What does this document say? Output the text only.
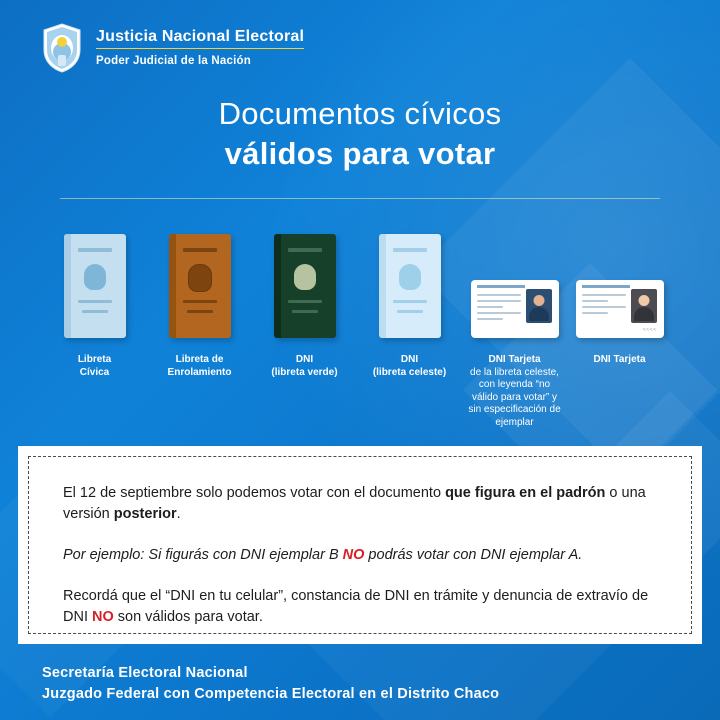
Justicia Nacional Electoral
Poder Judicial de la Nación
Documentos cívicos
válidos para votar
Libreta
Cívica
Libreta de
Enrolamiento
DNI
(libreta verde)
DNI
(libreta celeste)
DNI Tarjeta
de la libreta celeste, con leyenda “no válido para votar” y sin especificación de ejemplar
<<<<
DNI Tarjeta

El 12 de septiembre solo podemos votar con el documento que figura en el padrón o una versión posterior.

Por ejemplo: Si figurás con DNI ejemplar B NO podrás votar con DNI ejemplar A.

Recordá que el “DNI en tu celular”, constancia de DNI en trámite y denuncia de extravío de DNI NO son válidos para votar.

Secretaría Electoral Nacional
Juzgado Federal con Competencia Electoral en el Distrito Chaco
